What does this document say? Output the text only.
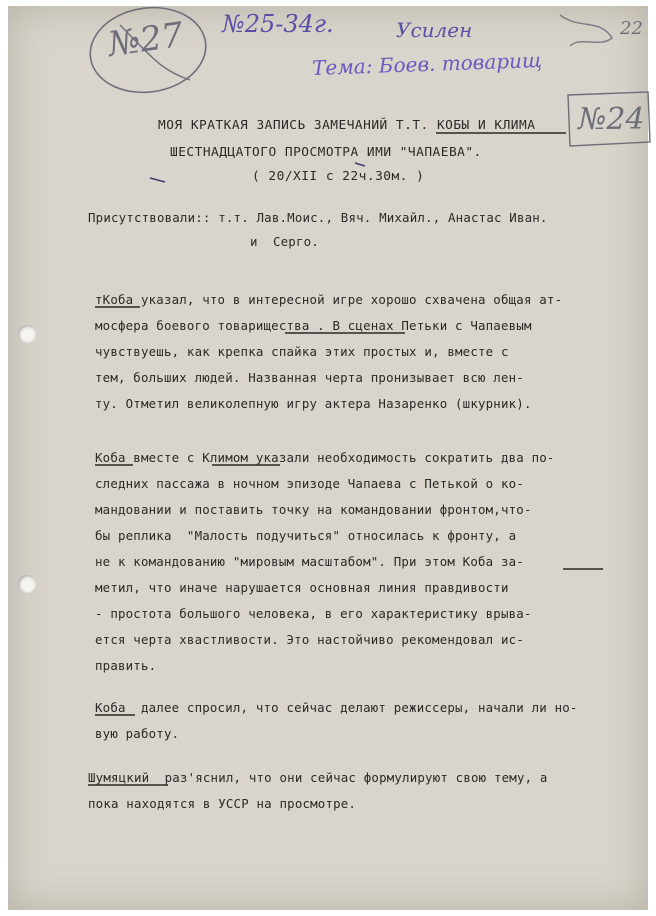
№27 №25-34г.	Усилен	22
Тема: Боев. товарищ
№24
МОЯ КРАТКАЯ ЗАПИСЬ ЗАМЕЧАНИЙ Т.Т. КОБЫ И КЛИМА
ШЕСТНАДЦАТОГО ПРОСМОТРА ИМИ "ЧАПАЕВА".
( 20/XII с 22ч.30м. )
Присутствовали:: т.т. Лав.Моис., Вяч. Михайл., Анастас Иван.
и  Серго.
тКоба указал, что в интересной игре хорошо схвачена общая ат-
мосфера боевого товарищества . В сценах Петьки с Чапаевым
чувствуешь, как крепка спайка этих простых и, вместе с
тем, больших людей. Названная черта пронизывает всю лен-
ту. Отметил великолепную игру актера Назаренко (шкурник).
Коба вместе с Климом указали необходимость сократить два по-
следних пассажа в ночном эпизоде Чапаева с Петькой о ко-
мандовании и поставить точку на командовании фронтом,что-
бы реплика  "Малость подучиться" относилась к фронту, а
не к командованию "мировым масштабом". При этом Коба за-
метил, что иначе нарушается основная линия правдивости
- простота большого человека, в его характеристику врыва-
ется черта хвастливости. Это настойчиво рекомендовал ис-
править.
Коба  далее спросил, что сейчас делают режиссеры, начали ли но-
вую работу.
Шумяцкий  раз'яснил, что они сейчас формулируют свою тему, а
пока находятся в УССР на просмотре.
